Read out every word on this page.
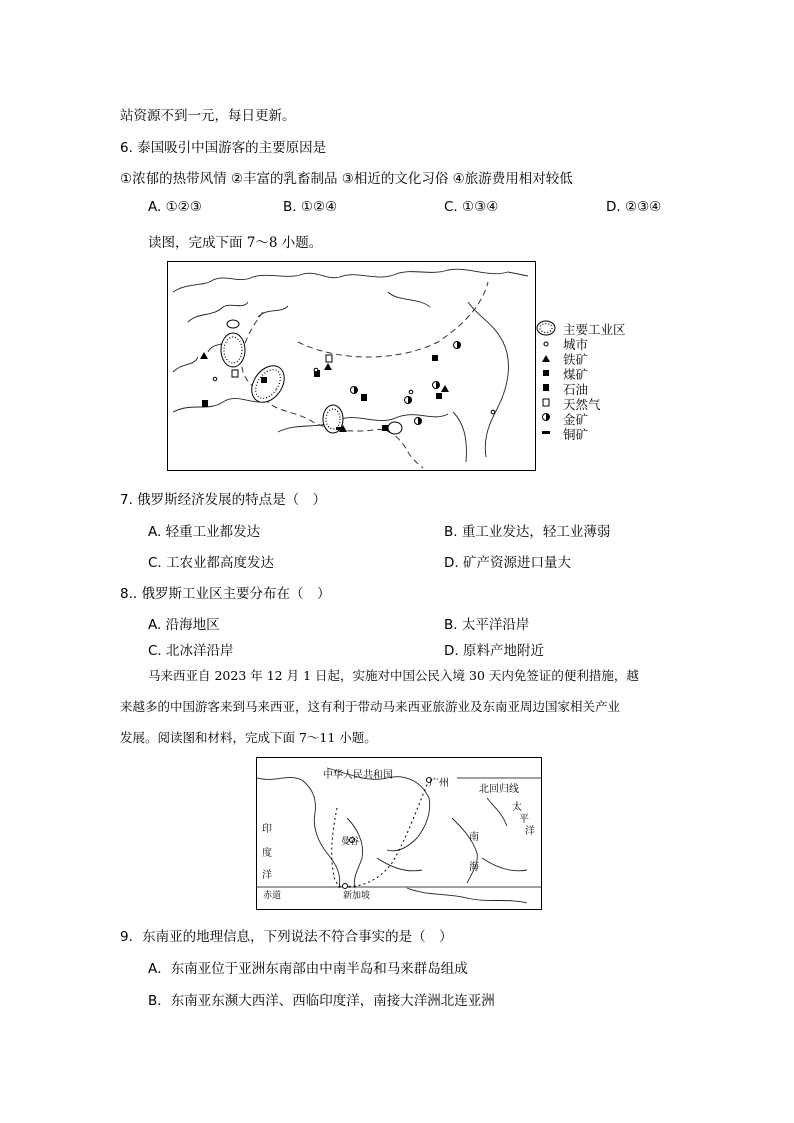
站资源不到一元，每日更新。
6. 泰国吸引中国游客的主要原因是
①浓郁的热带风情 ②丰富的乳畜制品 ③相近的文化习俗 ④旅游费用相对较低
A. ①②③	B. ①②④	C. ①③④	D. ②③④
读图，完成下面 7～8 小题。
主要工业区
城市
铁矿
煤矿
石油
天然气
金矿
铜矿
7. 俄罗斯经济发展的特点是（　）
A. 轻重工业都发达	B. 重工业发达，轻工业薄弱
C. 工农业都高度发达	D. 矿产资源进口量大
8.. 俄罗斯工业区主要分布在（　）
A. 沿海地区	B. 太平洋沿岸
C. 北冰洋沿岸	D. 原料产地附近
马来西亚自 2023 年 12 月 1 日起，实施对中国公民入境 30 天内免签证的便利措施，越
来越多的中国游客来到马来西亚，这有利于带动马来西亚旅游业及东南亚周边国家相关产业
发展。阅读图和材料，完成下面 7～11 小题。
中华人民共和国
广州
北回归线
太
平
洋
印
度
洋
南
海
曼谷
新加坡
赤道
9．东南亚的地理信息，下列说法不符合事实的是（　）
A．东南亚位于亚洲东南部由中南半岛和马来群岛组成
B．东南亚东濒大西洋、西临印度洋，南接大洋洲北连亚洲
